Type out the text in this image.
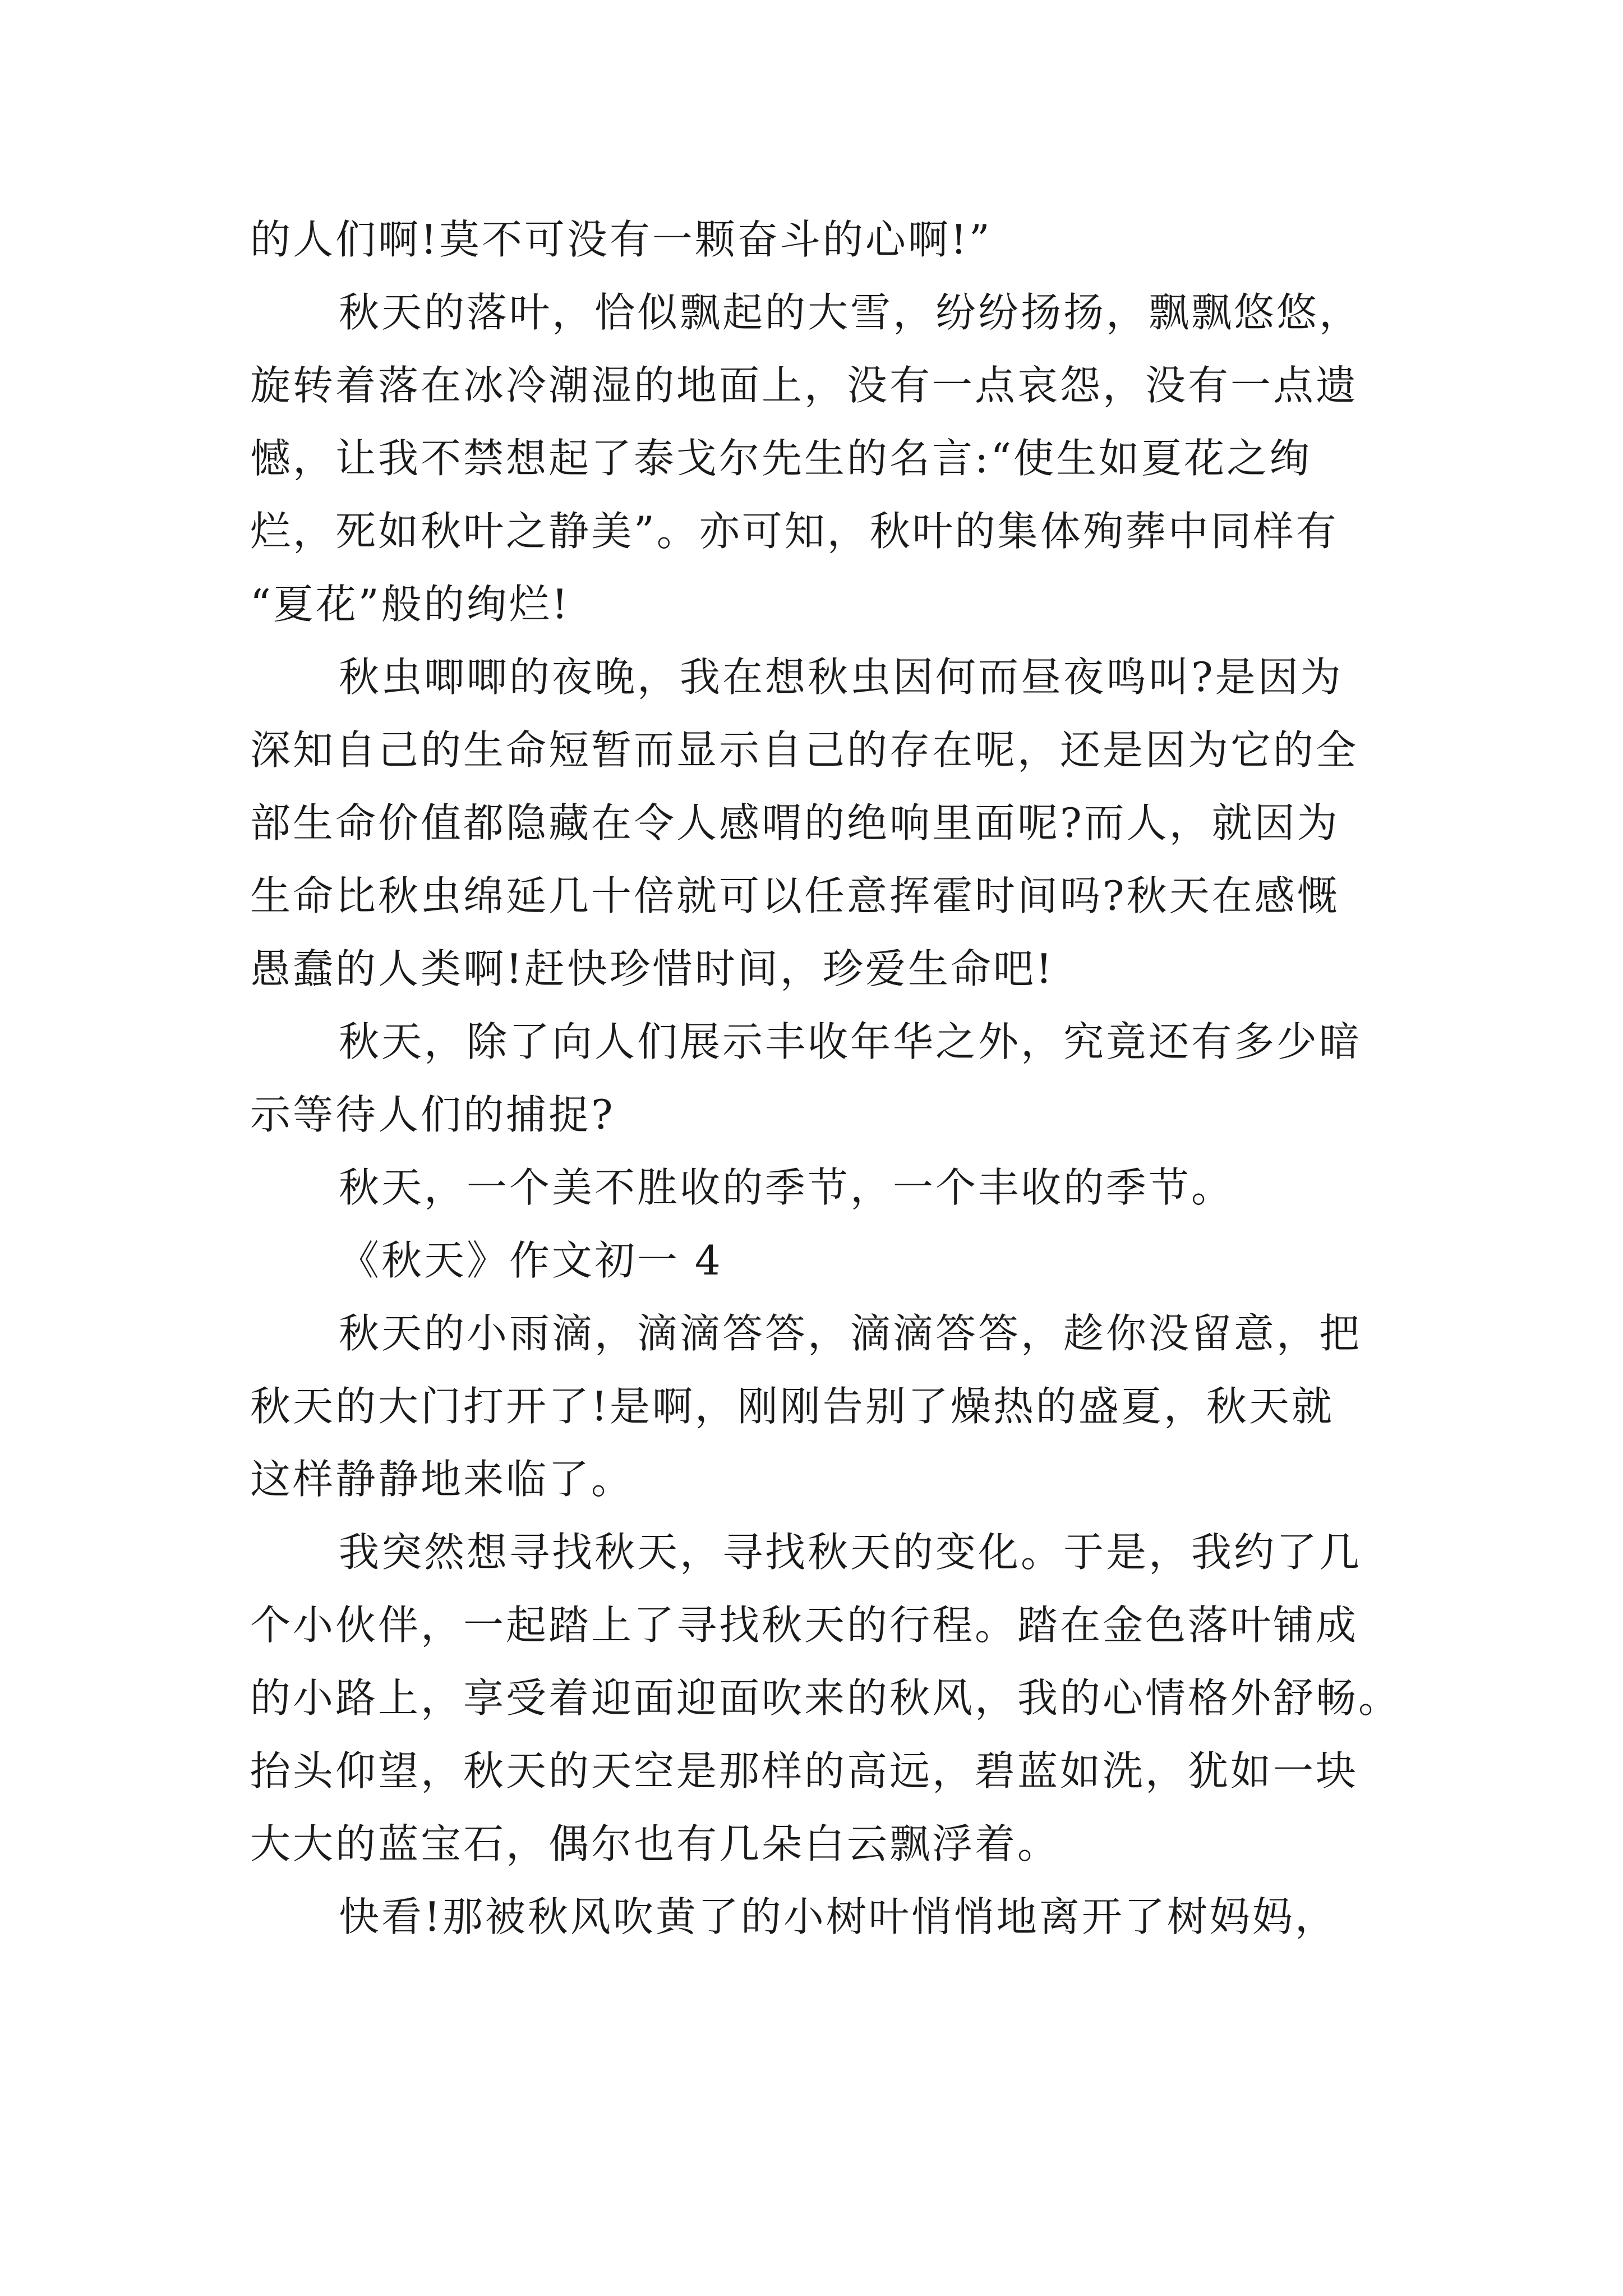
的人们啊!莫不可没有一颗奋斗的心啊!”
秋天的落叶，恰似飘起的大雪，纷纷扬扬，飘飘悠悠，
旋转着落在冰冷潮湿的地面上，没有一点哀怨，没有一点遗
憾，让我不禁想起了泰戈尔先生的名言:“使生如夏花之绚
烂，死如秋叶之静美”。亦可知，秋叶的集体殉葬中同样有
“夏花”般的绚烂!
秋虫唧唧的夜晚，我在想秋虫因何而昼夜鸣叫?是因为
深知自己的生命短暂而显示自己的存在呢，还是因为它的全
部生命价值都隐藏在令人感喟的绝响里面呢?而人，就因为
生命比秋虫绵延几十倍就可以任意挥霍时间吗?秋天在感慨
愚蠢的人类啊!赶快珍惜时间，珍爱生命吧!
秋天，除了向人们展示丰收年华之外，究竟还有多少暗
示等待人们的捕捉?
秋天，一个美不胜收的季节，一个丰收的季节。
《秋天》作文初一 4
秋天的小雨滴，滴滴答答，滴滴答答，趁你没留意，把
秋天的大门打开了!是啊，刚刚告别了燥热的盛夏，秋天就
这样静静地来临了。
我突然想寻找秋天，寻找秋天的变化。于是，我约了几
个小伙伴，一起踏上了寻找秋天的行程。踏在金色落叶铺成
的小路上，享受着迎面迎面吹来的秋风，我的心情格外舒畅。
抬头仰望，秋天的天空是那样的高远，碧蓝如洗，犹如一块
大大的蓝宝石，偶尔也有几朵白云飘浮着。
快看!那被秋风吹黄了的小树叶悄悄地离开了树妈妈，
